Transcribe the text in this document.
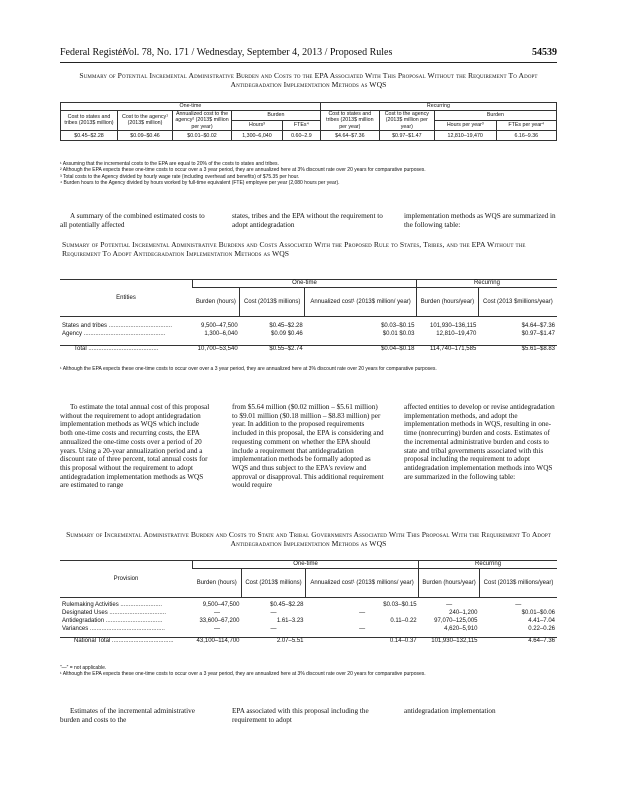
Federal Register
/ Vol. 78, No. 171 / Wednesday, September 4, 2013 / Proposed Rules	54539
Summary of Potential Incremental Administrative Burden and Costs to the EPA Associated With This Proposal Without the Requirement To Adopt Antidegradation Implementation Methods as WQS
One-time					Recurring			
Cost to states and tribes (2013$ million)	Cost to the agency¹ (2013$ million)	Annualized cost to the agency² (2013$ million per year)	Burden		Cost to states and tribes (2013$ million per year)	Cost to the agency (2013$ million per year)	Burden	
			Hours³	FTEs⁴			Hours per year³	FTEs per year⁴
$0.45–$2.28	$0.09–$0.46	$0.01–$0.02	1,300–6,040	0.60–2.9	$4.64–$7.36	$0.97–$1.47	12,810–19,470	6.16–9.36
¹ Assuming that the incremental costs to the EPA are equal to 20% of the costs to states and tribes.
² Although the EPA expects these one-time costs to occur over a 3 year period, they are annualized here at 3% discount rate over 20 years for comparative purposes.
³ Total costs to the Agency divided by hourly wage rate (including overhead and benefits) of $75.35 per hour.
⁴ Burden hours to the Agency divided by hours worked by full-time equivalent (FTE) employee per year (2,080 hours per year).
A summary of the combined estimated costs to all potentially affected
states, tribes and the EPA without the requirement to adopt antidegradation
implementation methods as WQS are summarized in the following table:
Summary of Potential Incremental Administrative Burdens and Costs Associated With the Proposed Rule to States, Tribes, and the EPA Without the Requirement To Adopt Antidegradation Implementation Methods as WQS
Entities	One-time			Recurring	
	Burden (hours)	Cost (2013$ millions)	Annualized cost¹ (2013$ million/ year)	Burden (hours/year)	Cost (2013 $millions/year)

States and tribes ......................................	9,500–47,500	$0.45–$2.28	$0.03–$0.15	101,930–136,115	$4.64–$7.36
Agency .................................................	1,300–6,040	$0.09 $0.46	$0.01 $0.03	12,810–19,470	$0.97–$1.47

Total ..........................................	10,700–53,540	$0.55–$2.74	$0.04–$0.18	114,740–171,585	$5.61–$8.83
¹ Although the EPA expects these one-time costs to occur over over a 3 year period, they are annualized here at 3% discount rate over 20 years for comparative purposes.
To estimate the total annual cost of this proposal without the requirement to adopt antidegradation implementation methods as WQS which include both one-time costs and recurring costs, the EPA annualized the one-time costs over a period of 20 years. Using a 20-year annualization period and a discount rate of three percent, total annual costs for this proposal without the requirement to adopt antidegradation implementation methods as WQS are estimated to range
from $5.64 million ($0.02 million – $5.61 million) to $9.01 million ($0.18 million – $8.83 million) per year. In addition to the proposed requirements included in this proposal, the EPA is considering and requesting comment on whether the EPA should include a requirement that antidegradation implementation methods be formally adopted as WQS and thus subject to the EPA's review and approval or disapproval. This additional requirement would require
affected entities to develop or revise antidegradation implementation methods, and adopt the implementation methods in WQS, resulting in one-time (nonrecurring) burden and costs. Estimates of the incremental administrative burden and costs to state and tribal governments associated with this proposal including the requirement to adopt antidegradation implementation methods into WQS are summarized in the following table:
Summary of Incremental Administrative Burden and Costs to State and Tribal Governments Associated With This Proposal With the Requirement To Adopt Antidegradation Implementation Methods as WQS
Provision	One-time			Recurring	
	Burden (hours)	Cost (2013$ millions)	Annualized cost¹ (2013$ millions/ year)	Burden (hours/year)	Cost (2013$ millions/year)

Rulemaking Activities .........................	9,500–47,500	$0.45–$2.28	$0.03–$0.15	—	—
Designated Uses ..................................	—	—	—	240–1,200	$0.01–$0.06
Antidegradation ..................................	33,600–67,200	1.61–3.23	0.11–0.22	97,070–125,005	4.41–7.04
Variances .............................................	—	—	—	4,620–5,910	0.22–0.26

National Total .....................................	43,100–114,700	2.07–5.51	0.14–0.37	101,930–132,115	4.64–7.36
“—” = not applicable.
¹ Although the EPA expects these one-time costs to occur over a 3 year period, they are annualized here at 3% discount rate over 20 years for comparative purposes.
Estimates of the incremental administrative burden and costs to the
EPA associated with this proposal including the requirement to adopt
antidegradation implementation
